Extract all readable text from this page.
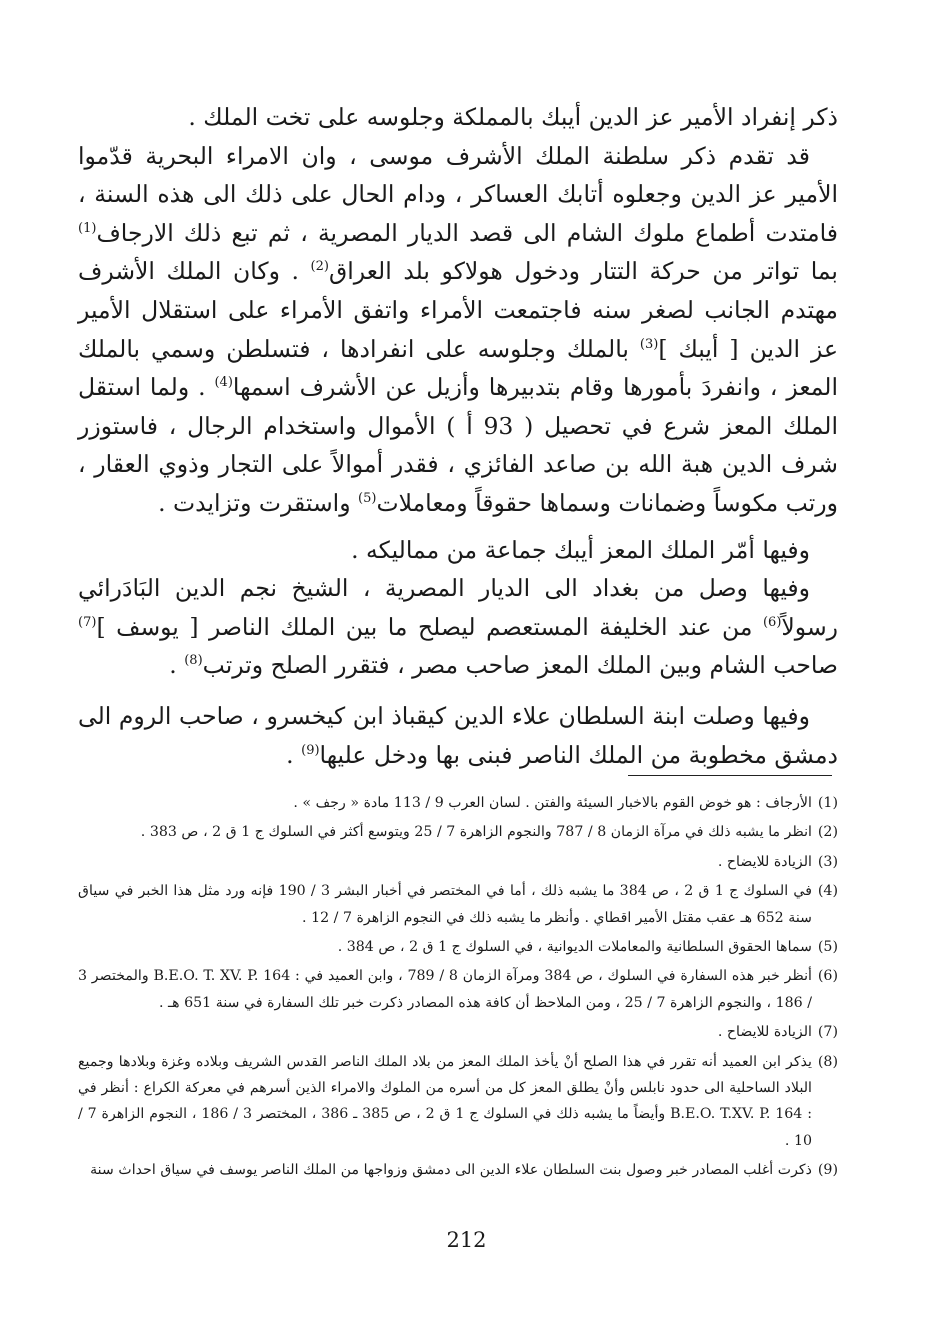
ذكر إنفراد الأمير عز الدين أيبك بالمملكة وجلوسه على تخت الملك .

قد تقدم ذكر سلطنة الملك الأشرف موسى ، وان الامراء البحرية قدّموا الأمير عز الدين وجعلوه أتابك العساكر ، ودام الحال على ذلك الى هذه السنة ، فامتدت أطماع ملوك الشام الى قصد الديار المصرية ، ثم تبع ذلك الارجاف$^{(1)}$ بما تواتر من حركة التتار ودخول هولاكو بلد العراق$^{(2)}$ . وكان الملك الأشرف مهتدم الجانب لصغر سنه فاجتمعت الأمراء واتفق الأمراء على استقلال الأمير عز الدين [ أيبك ]$^{(3)}$ بالملك وجلوسه على انفرادها ، فتسلطن وسمي بالملك المعز ، وانفردَ بأمورها وقام بتدبيرها وأزيل عن الأشرف اسمها$^{(4)}$ . ولما استقل الملك المعز شرع في تحصيل ( 93 أ ) الأموال واستخدام الرجال ، فاستوزر شرف الدين هبة الله بن صاعد الفائزي ، فقدر أموالاً على التجار وذوي العقار ، ورتب مكوساً وضمانات وسماها حقوقاً ومعاملات$^{(5)}$ واستقرت وتزايدت .

وفيها أمّر الملك المعز أيبك جماعة من مماليكه .

وفيها وصل من بغداد الى الديار المصرية ، الشيخ نجم الدين البَادَرائي رسولاً$^{(6)}$ من عند الخليفة المستعصم ليصلح ما بين الملك الناصر [ يوسف ]$^{(7)}$ صاحب الشام وبين الملك المعز صاحب مصر ، فتقرر الصلح وترتب$^{(8)}$ .

وفيها وصلت ابنة السلطان علاء الدين كيقباذ ابن كيخسرو ، صاحب الروم الى دمشق مخطوبة من الملك الناصر فبنى بها ودخل عليها$^{(9)}$ .

(1)
الأرجاف : هو خوض القوم بالاخبار السيئة والفتن . لسان العرب 9 / 113 مادة « رجف » .
(2)
انظر ما يشبه ذلك في مرآة الزمان 8 / 787 والنجوم الزاهرة 7 / 25 ويتوسع أكثر في السلوك ج 1 ق 2 ، ص 383 .
(3)
الزيادة للايضاح .
(4)
في السلوك ج 1 ق 2 ، ص 384 ما يشبه ذلك ، أما في المختصر في أخبار البشر 3 / 190 فإنه ورد مثل هذا الخبر في سياق سنة 652 هـ عقب مقتل الأمير اقطاي . وأنظر ما يشبه ذلك في النجوم الزاهرة 7 / 12 .
(5)
سماها الحقوق السلطانية والمعاملات الديوانية ، في السلوك ج 1 ق 2 ، ص 384 .
(6)
أنظر خبر هذه السفارة في السلوك ، ص 384 ومرآة الزمان 8 / 789 ، وابن العميد في : B.E.O. T. XV. P. 164 والمختصر 3 / 186 ، والنجوم الزاهرة 7 / 25 ، ومن الملاحظ أن كافة هذه المصادر ذكرت خبر تلك السفارة في سنة 651 هـ .
(7)
الزيادة للايضاح .
(8)
يذكر ابن العميد أنه تقرر في هذا الصلح أنْ يأخذ الملك المعز من بلاد الملك الناصر القدس الشريف وبلاده وغزة وبلادها وجميع البلاد الساحلية الى حدود نابلس وأنْ يطلق المعز كل من أسره من الملوك والامراء الذين أسرهم في معركة الكراع : أنظر في : B.E.O. T.XV. P. 164 وأيضاً ما يشبه ذلك في السلوك ج 1 ق 2 ، ص 385 ـ 386 ، المختصر 3 / 186 ، النجوم الزاهرة 7 / 10 .
(9)
ذكرت أغلب المصادر خبر وصول بنت السلطان علاء الدين الى دمشق وزواجها من الملك الناصر يوسف في سياق احداث سنة
212
